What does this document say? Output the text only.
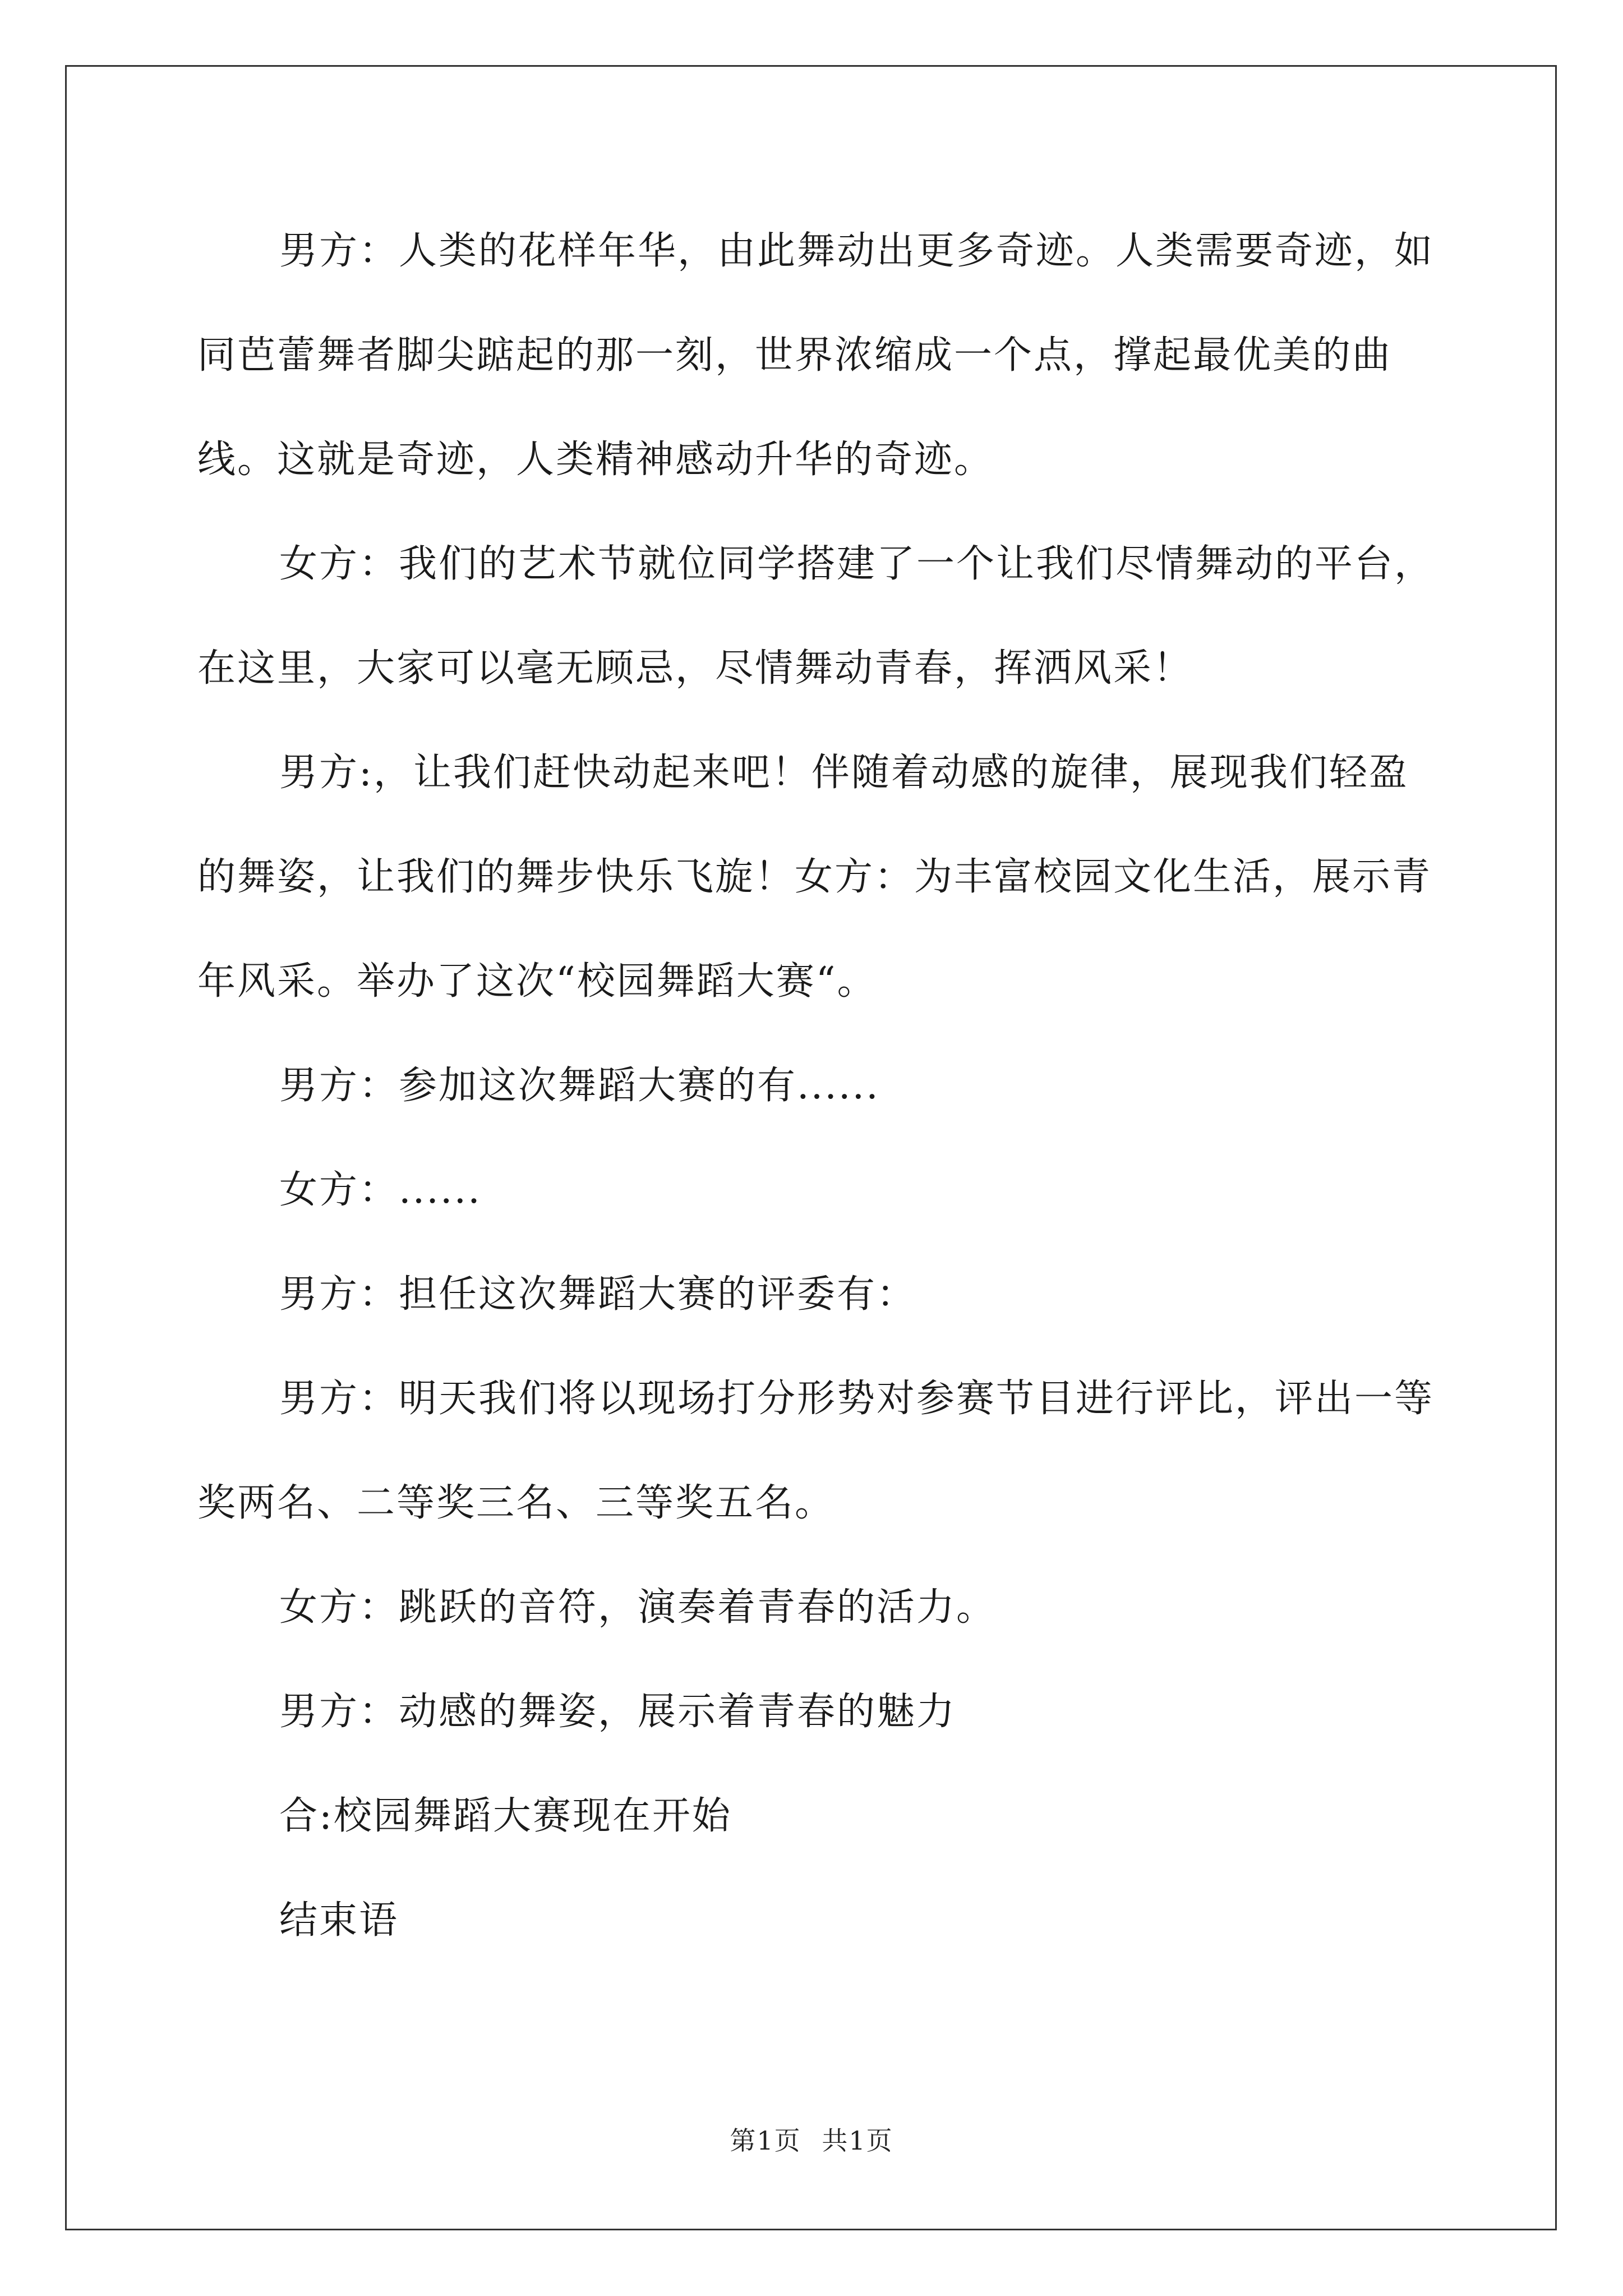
男方：人类的花样年华，由此舞动出更多奇迹。人类需要奇迹，如同芭蕾舞者脚尖踮起的那一刻，世界浓缩成一个点，撑起最优美的曲线。这就是奇迹，人类精神感动升华的奇迹。

女方：我们的艺术节就位同学搭建了一个让我们尽情舞动的平台，在这里，大家可以毫无顾忌，尽情舞动青春，挥洒风采！

男方:，让我们赶快动起来吧！伴随着动感的旋律，展现我们轻盈的舞姿，让我们的舞步快乐飞旋！女方：为丰富校园文化生活，展示青年风采。举办了这次“校园舞蹈大赛“。

男方：参加这次舞蹈大赛的有......

女方：......

男方：担任这次舞蹈大赛的评委有：

男方：明天我们将以现场打分形势对参赛节目进行评比，评出一等奖两名、二等奖三名、三等奖五名。

女方：跳跃的音符，演奏着青春的活力。

男方：动感的舞姿，展示着青春的魅力

合:校园舞蹈大赛现在开始

结束语

第1页 共1页
